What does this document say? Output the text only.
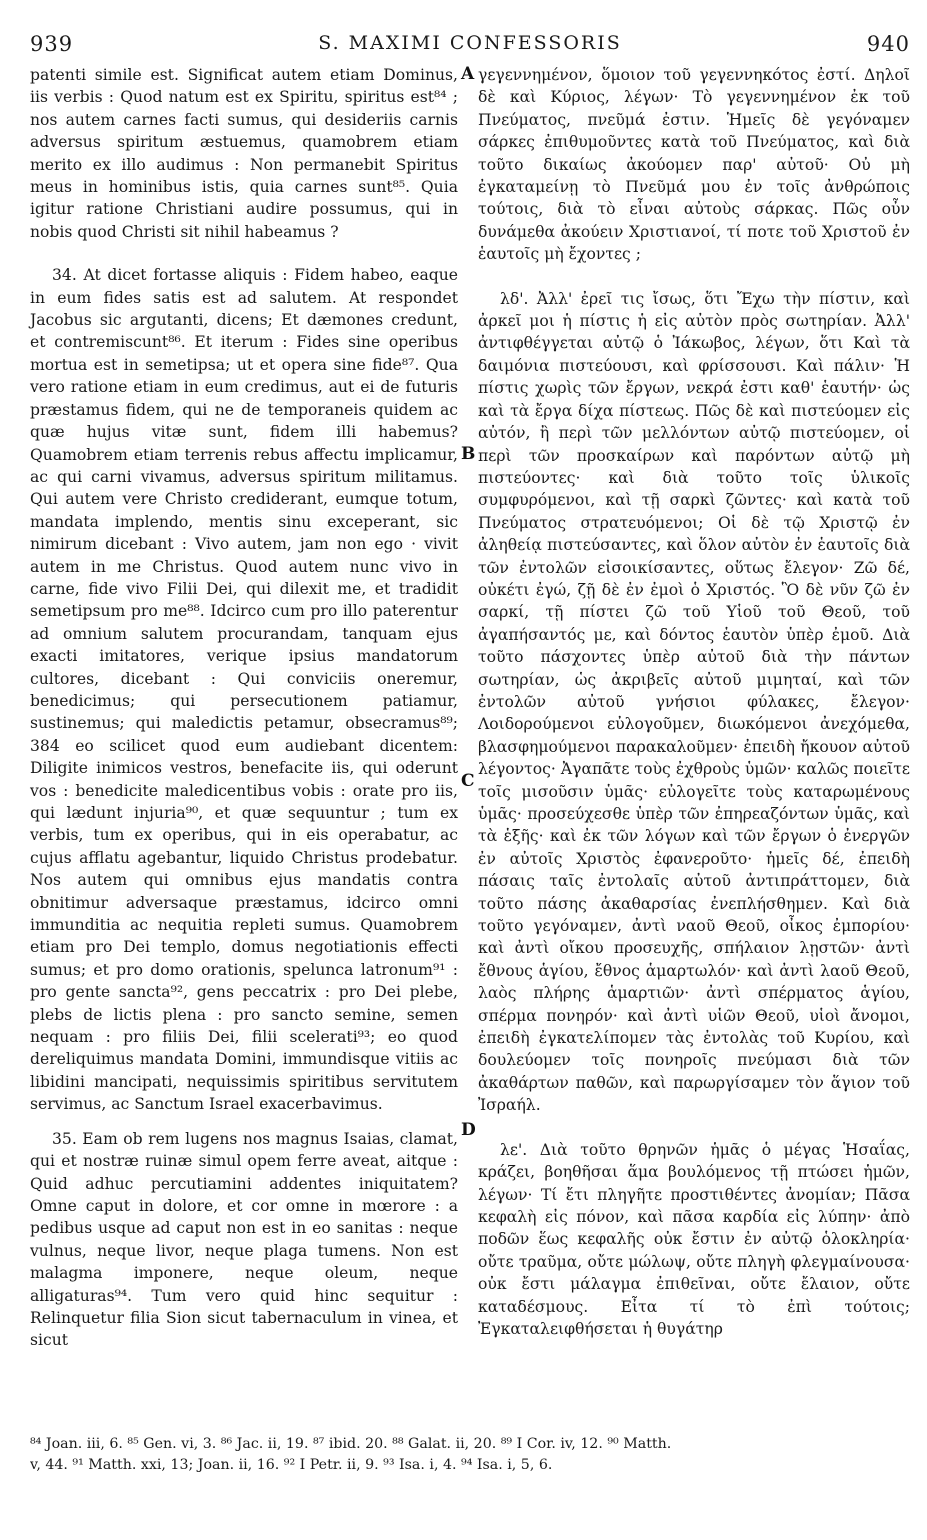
939	S. MAXIMI CONFESSORIS	940

patenti simile est. Significat autem etiam Dominus, iis verbis : Quod natum est ex Spiritu, spiritus est⁸⁴ ; nos autem carnes facti sumus, qui desideriis carnis adversus spiritum æstuemus, quamobrem etiam merito ex illo audimus : Non permanebit Spiritus meus in hominibus istis, quia carnes sunt⁸⁵. Quia igitur ratione Christiani audire possumus, qui in nobis quod Christi sit nihil habeamus ?

34. At dicet fortasse aliquis : Fidem habeo, eaque in eum fides satis est ad salutem. At respondet Jacobus sic argutanti, dicens; Et dæmones credunt, et contremiscunt⁸⁶. Et iterum : Fides sine operibus mortua est in semetipsa; ut et opera sine fide⁸⁷. Qua vero ratione etiam in eum credimus, aut ei de futuris præstamus fidem, qui ne de temporaneis quidem ac quæ hujus vitæ sunt, fidem illi habemus? Quamobrem etiam terrenis rebus affectu implicamur, ac qui carni vivamus, adversus spiritum militamus. Qui autem vere Christo crediderant, eumque totum, mandata implendo, mentis sinu exceperant, sic nimirum dicebant : Vivo autem, jam non ego · vivit autem in me Christus. Quod autem nunc vivo in carne, fide vivo Filii Dei, qui dilexit me, et tradidit semetipsum pro me⁸⁸. Idcirco cum pro illo paterentur ad omnium salutem procurandam, tanquam ejus exacti imitatores, verique ipsius mandatorum cultores, dicebant : Qui conviciis oneremur, benedicimus; qui persecutionem patiamur, sustinemus; qui maledictis petamur, obsecramus⁸⁹; 384 eo scilicet quod eum audiebant dicentem: Diligite inimicos vestros, benefacite iis, qui oderunt vos : benedicite maledicentibus vobis : orate pro iis, qui lædunt injuria⁹⁰, et quæ sequuntur ; tum ex verbis, tum ex operibus, qui in eis operabatur, ac cujus afflatu agebantur, liquido Christus prodebatur. Nos autem qui omnibus ejus mandatis contra obnitimur adversaque præstamus, idcirco omni immunditia ac nequitia repleti sumus. Quamobrem etiam pro Dei templo, domus negotiationis effecti sumus; et pro domo orationis, spelunca latronum⁹¹ : pro gente sancta⁹², gens peccatrix : pro Dei plebe, plebs de lictis plena : pro sancto semine, semen nequam : pro filiis Dei, filii scelerati⁹³; eo quod dereliquimus mandata Domini, immundisque vitiis ac libidini mancipati, nequissimis spiritibus servitutem servimus, ac Sanctum Israel exacerbavimus.

35. Eam ob rem lugens nos magnus Isaias, clamat, qui et nostræ ruinæ simul opem ferre aveat, aitque : Quid adhuc percutiamini addentes iniquitatem? Omne caput in dolore, et cor omne in mœrore : a pedibus usque ad caput non est in eo sanitas : neque vulnus, neque livor, neque plaga tumens. Non est malagma imponere, neque oleum, neque alligaturas⁹⁴. Tum vero quid hinc sequitur : Relinquetur filia Sion sicut tabernaculum in vinea, et sicut

A
B
C
D

γεγεννημένον, ὅμοιον τοῦ γεγεννηκότος ἐστί. Δηλοῖ δὲ καὶ Κύριος, λέγων· Τὸ γεγεννημένον ἐκ τοῦ Πνεύματος, πνεῦμά ἐστιν. Ἡμεῖς δὲ γεγόναμεν σάρκες ἐπιθυμοῦντες κατὰ τοῦ Πνεύματος, καὶ διὰ τοῦτο δικαίως ἀκούομεν παρ' αὐτοῦ· Οὐ μὴ ἐγκαταμείνῃ τὸ Πνεῦμά μου ἐν τοῖς ἀνθρώποις τούτοις, διὰ τὸ εἶναι αὐτοὺς σάρκας. Πῶς οὖν δυνάμεθα ἀκούειν Χριστιανοί, τί ποτε τοῦ Χριστοῦ ἐν ἑαυτοῖς μὴ ἔχοντες ;

λδ'. Ἀλλ' ἐρεῖ τις ἴσως, ὅτι Ἔχω τὴν πίστιν, καὶ ἀρκεῖ μοι ἡ πίστις ἡ εἰς αὐτὸν πρὸς σωτηρίαν. Ἀλλ' ἀντιφθέγγεται αὐτῷ ὁ Ἰάκωβος, λέγων, ὅτι Καὶ τὰ δαιμόνια πιστεύουσι, καὶ φρίσσουσι. Καὶ πάλιν· Ἡ πίστις χωρὶς τῶν ἔργων, νεκρά ἐστι καθ' ἑαυτήν· ὡς καὶ τὰ ἔργα δίχα πίστεως. Πῶς δὲ καὶ πιστεύομεν εἰς αὐτόν, ἢ περὶ τῶν μελλόντων αὐτῷ πιστεύομεν, οἱ περὶ τῶν προσκαίρων καὶ παρόντων αὐτῷ μὴ πιστεύοντες· καὶ διὰ τοῦτο τοῖς ὑλικοῖς συμφυρόμενοι, καὶ τῇ σαρκὶ ζῶντες· καὶ κατὰ τοῦ Πνεύματος στρατευόμενοι; Οἱ δὲ τῷ Χριστῷ ἐν ἀληθείᾳ πιστεύσαντες, καὶ ὅλον αὐτὸν ἐν ἑαυτοῖς διὰ τῶν ἐντολῶν εἰσοικίσαντες, οὕτως ἔλεγον· Ζῶ δέ, οὐκέτι ἐγώ, ζῇ δὲ ἐν ἐμοὶ ὁ Χριστός. Ὃ δὲ νῦν ζῶ ἐν σαρκί, τῇ πίστει ζῶ τοῦ Υἱοῦ τοῦ Θεοῦ, τοῦ ἀγαπήσαντός με, καὶ δόντος ἑαυτὸν ὑπὲρ ἐμοῦ. Διὰ τοῦτο πάσχοντες ὑπὲρ αὐτοῦ διὰ τὴν πάντων σωτηρίαν, ὡς ἀκριβεῖς αὐτοῦ μιμηταί, καὶ τῶν ἐντολῶν αὐτοῦ γνήσιοι φύλακες, ἔλεγον· Λοιδορούμενοι εὐλογοῦμεν, διωκόμενοι ἀνεχόμεθα, βλασφημούμενοι παρακαλοῦμεν· ἐπειδὴ ἤκουον αὐτοῦ λέγοντος· Ἀγαπᾶτε τοὺς ἐχθροὺς ὑμῶν· καλῶς ποιεῖτε τοῖς μισοῦσιν ὑμᾶς· εὐλογεῖτε τοὺς καταρωμένους ὑμᾶς· προσεύχεσθε ὑπὲρ τῶν ἐπηρεαζόντων ὑμᾶς, καὶ τὰ ἑξῆς· καὶ ἐκ τῶν λόγων καὶ τῶν ἔργων ὁ ἐνεργῶν ἐν αὐτοῖς Χριστὸς ἐφανεροῦτο· ἡμεῖς δέ, ἐπειδὴ πάσαις ταῖς ἐντολαῖς αὐτοῦ ἀντιπράττομεν, διὰ τοῦτο πάσης ἀκαθαρσίας ἐνεπλήσθημεν. Καὶ διὰ τοῦτο γεγόναμεν, ἀντὶ ναοῦ Θεοῦ, οἶκος ἐμπορίου· καὶ ἀντὶ οἴκου προσευχῆς, σπήλαιον λῃστῶν· ἀντὶ ἔθνους ἁγίου, ἔθνος ἁμαρτωλόν· καὶ ἀντὶ λαοῦ Θεοῦ, λαὸς πλήρης ἁμαρτιῶν· ἀντὶ σπέρματος ἁγίου, σπέρμα πονηρόν· καὶ ἀντὶ υἱῶν Θεοῦ, υἱοὶ ἄνομοι, ἐπειδὴ ἐγκατελίπομεν τὰς ἐντολὰς τοῦ Κυρίου, καὶ δουλεύομεν τοῖς πονηροῖς πνεύμασι διὰ τῶν ἀκαθάρτων παθῶν, καὶ παρωργίσαμεν τὸν ἅγιον τοῦ Ἰσραήλ.

λε'. Διὰ τοῦτο θρηνῶν ἡμᾶς ὁ μέγας Ἡσαΐας, κράζει, βοηθῆσαι ἅμα βουλόμενος τῇ πτώσει ἡμῶν, λέγων· Τί ἔτι πληγῆτε προστιθέντες ἀνομίαν; Πᾶσα κεφαλὴ εἰς πόνον, καὶ πᾶσα καρδία εἰς λύπην· ἀπὸ ποδῶν ἕως κεφαλῆς οὐκ ἔστιν ἐν αὐτῷ ὁλοκληρία· οὔτε τραῦμα, οὔτε μώλωψ, οὔτε πληγὴ φλεγμαίνουσα· οὐκ ἔστι μάλαγμα ἐπιθεῖναι, οὔτε ἔλαιον, οὔτε καταδέσμους. Εἶτα τί τὸ ἐπὶ τούτοις; Ἐγκαταλειφθήσεται ἡ θυγάτηρ

⁸⁴ Joan. iii, 6. ⁸⁵ Gen. vi, 3. ⁸⁶ Jac. ii, 19. ⁸⁷ ibid. 20. ⁸⁸ Galat. ii, 20. ⁸⁹ I Cor. iv, 12. ⁹⁰ Matth.
v, 44. ⁹¹ Matth. xxi, 13; Joan. ii, 16. ⁹² I Petr. ii, 9. ⁹³ Isa. i, 4. ⁹⁴ Isa. i, 5, 6.
